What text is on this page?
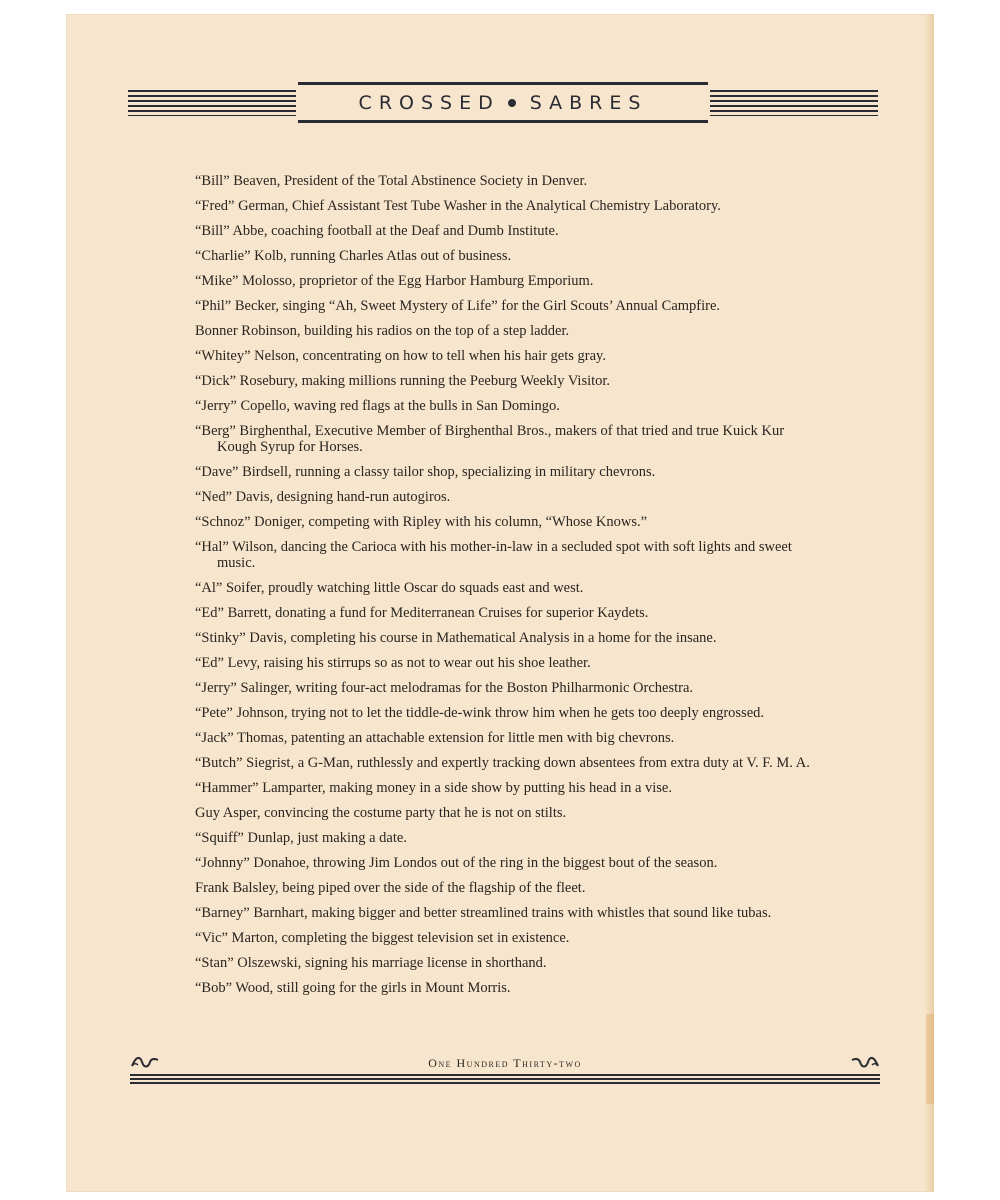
CROSSED SABRES
“Bill” Beaven, President of the Total Abstinence Society in Denver.
“Fred” German, Chief Assistant Test Tube Washer in the Analytical Chemistry Laboratory.
“Bill” Abbe, coaching football at the Deaf and Dumb Institute.
“Charlie” Kolb, running Charles Atlas out of business.
“Mike” Molosso, proprietor of the Egg Harbor Hamburg Emporium.
“Phil” Becker, singing “Ah, Sweet Mystery of Life” for the Girl Scouts’ Annual Campfire.
Bonner Robinson, building his radios on the top of a step ladder.
“Whitey” Nelson, concentrating on how to tell when his hair gets gray.
“Dick” Rosebury, making millions running the Peeburg Weekly Visitor.
“Jerry” Copello, waving red flags at the bulls in San Domingo.
“Berg” Birghenthal, Executive Member of Birghenthal Bros., makers of that tried and true Kuick Kur Kough Syrup for Horses.
“Dave” Birdsell, running a classy tailor shop, specializing in military chevrons.
“Ned” Davis, designing hand-run autogiros.
“Schnoz” Doniger, competing with Ripley with his column, “Whose Knows.”
“Hal” Wilson, dancing the Carioca with his mother-in-law in a secluded spot with soft lights and sweet music.
“Al” Soifer, proudly watching little Oscar do squads east and west.
“Ed” Barrett, donating a fund for Mediterranean Cruises for superior Kaydets.
“Stinky” Davis, completing his course in Mathematical Analysis in a home for the insane.
“Ed” Levy, raising his stirrups so as not to wear out his shoe leather.
“Jerry” Salinger, writing four-act melodramas for the Boston Philharmonic Orchestra.
“Pete” Johnson, trying not to let the tiddle-de-wink throw him when he gets too deeply engrossed.
“Jack” Thomas, patenting an attachable extension for little men with big chevrons.
“Butch” Siegrist, a G-Man, ruthlessly and expertly tracking down absentees from extra duty at V. F. M. A.
“Hammer” Lamparter, making money in a side show by putting his head in a vise.
Guy Asper, convincing the costume party that he is not on stilts.
“Squiff” Dunlap, just making a date.
“Johnny” Donahoe, throwing Jim Londos out of the ring in the biggest bout of the season.
Frank Balsley, being piped over the side of the flagship of the fleet.
“Barney” Barnhart, making bigger and better streamlined trains with whistles that sound like tubas.
“Vic” Marton, completing the biggest television set in existence.
“Stan” Olszewski, signing his marriage license in shorthand.
“Bob” Wood, still going for the girls in Mount Morris.
One Hundred Thirty-two
